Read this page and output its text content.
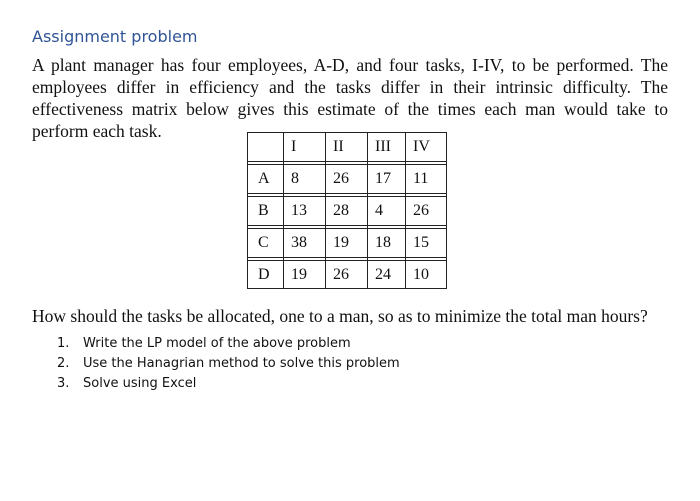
Assignment problem
A plant manager has four employees, A-D, and four tasks, I-IV, to be performed. The employees differ in efficiency and the tasks differ in their intrinsic difficulty. The effectiveness matrix below gives this estimate of the times each man would take to perform each task.
	I	II	III	IV

A	8	26	17	11

B	13	28	4	26

C	38	19	18	15

D	19	26	24	10
How should the tasks be allocated, one to a man, so as to minimize the total man hours?
1. Write the LP model of the above problem
2. Use the Hanagrian method to solve this problem
3. Solve using Excel
